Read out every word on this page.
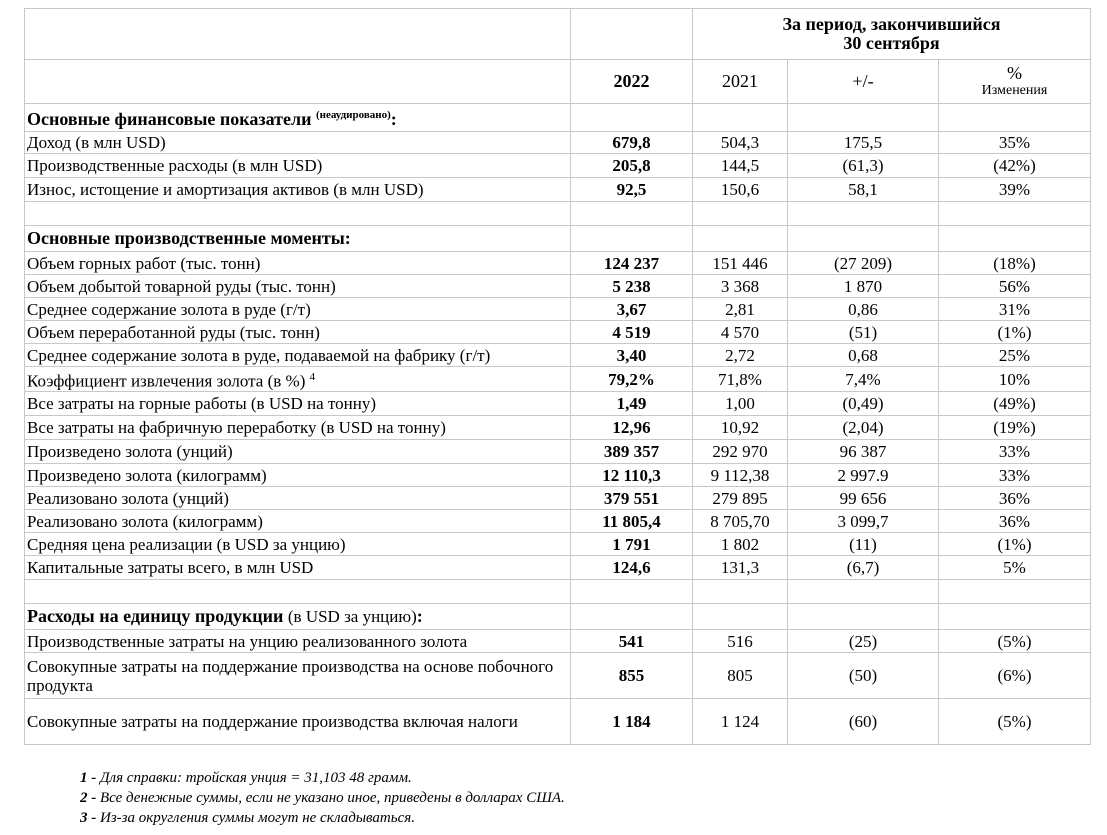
		За период, закончившийся
30 сентября		

	2022	2021	+/-	%
Изменения

Основные финансовые показатели $^{(неаудировано)}$:				
Доход (в млн USD)	679,8	504,3	175,5	35%
Производственные расходы (в млн USD)	205,8	144,5	(61,3)	(42%)
Износ, истощение и амортизация активов (в млн USD)	92,5	150,6	58,1	39%

Основные производственные моменты:				
Объем горных работ (тыс. тонн)	124 237	151 446	(27 209)	(18%)
Объем добытой товарной руды (тыс. тонн)	5 238	3 368	1 870	56%
Среднее содержание золота в руде (г/т)	3,67	2,81	0,86	31%
Объем переработанной руды (тыс. тонн)	4 519	4 570	(51)	(1%)
Среднее содержание золота в руде, подаваемой на фабрику (г/т)	3,40	2,72	0,68	25%
Коэффициент извлечения золота (в %) $^4$	79,2%	71,8%	7,4%	10%
Все затраты на горные работы (в USD на тонну)	1,49	1,00	(0,49)	(49%)
Все затраты на фабричную переработку (в USD на тонну)	12,96	10,92	(2,04)	(19%)
Произведено золота (унций)	389 357	292 970	96 387	33%
Произведено золота (килограмм)	12 110,3	9 112,38	2 997.9	33%
Реализовано золота (унций)	379 551	279 895	99 656	36%
Реализовано золота (килограмм)	11 805,4	8 705,70	3 099,7	36%
Средняя цена реализации (в USD за унцию)	1 791	1 802	(11)	(1%)
Капитальные затраты всего, в млн USD	124,6	131,3	(6,7)	5%

Расходы на единицу продукции (в USD за унцию):				
Производственные затраты на унцию реализованного золота	541	516	(25)	(5%)
Совокупные затраты на поддержание производства на основе побочного продукта	855	805	(50)	(6%)
Совокупные затраты на поддержание производства включая налоги	1 184	1 124	(60)	(5%)
1 - Для справки: тройская унция = 31,103 48 грамм.
2 - Все денежные суммы, если не указано иное, приведены в долларах США.
3 - Из-за округления суммы могут не складываться.
